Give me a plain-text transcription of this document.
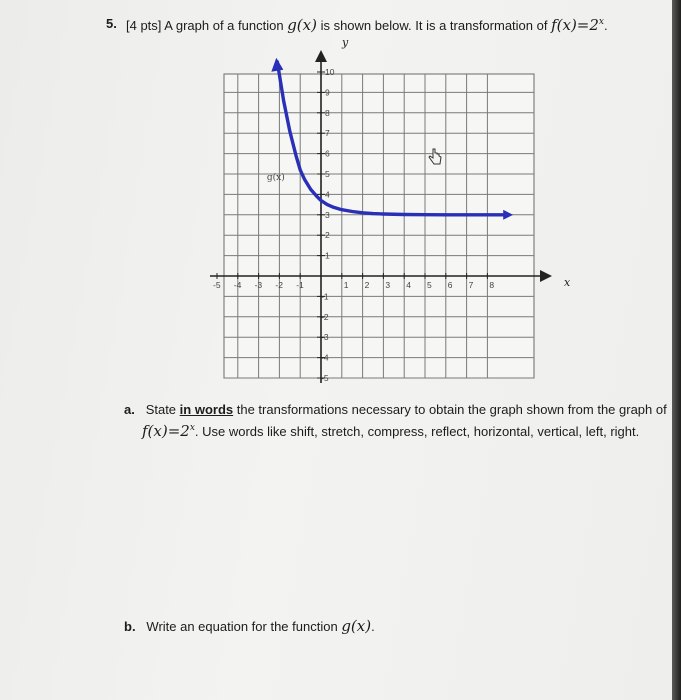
5. [4 pts] A graph of a function g(x) is shown below. It is a transformation of $f(x)=2^x$.
x
y
-5 -4 -3 -2 -1	1 2 3 4 5 6 7 8
10
9
8
7
6
5
4
3
2
1
-1
-2
-3
-4
-5
g(x)
a. State in words the transformations necessary to obtain the graph shown from the graph of
$f(x)=2^x$. Use words like shift, stretch, compress, reflect, horizontal, vertical, left, right.
b. Write an equation for the function g(x).
